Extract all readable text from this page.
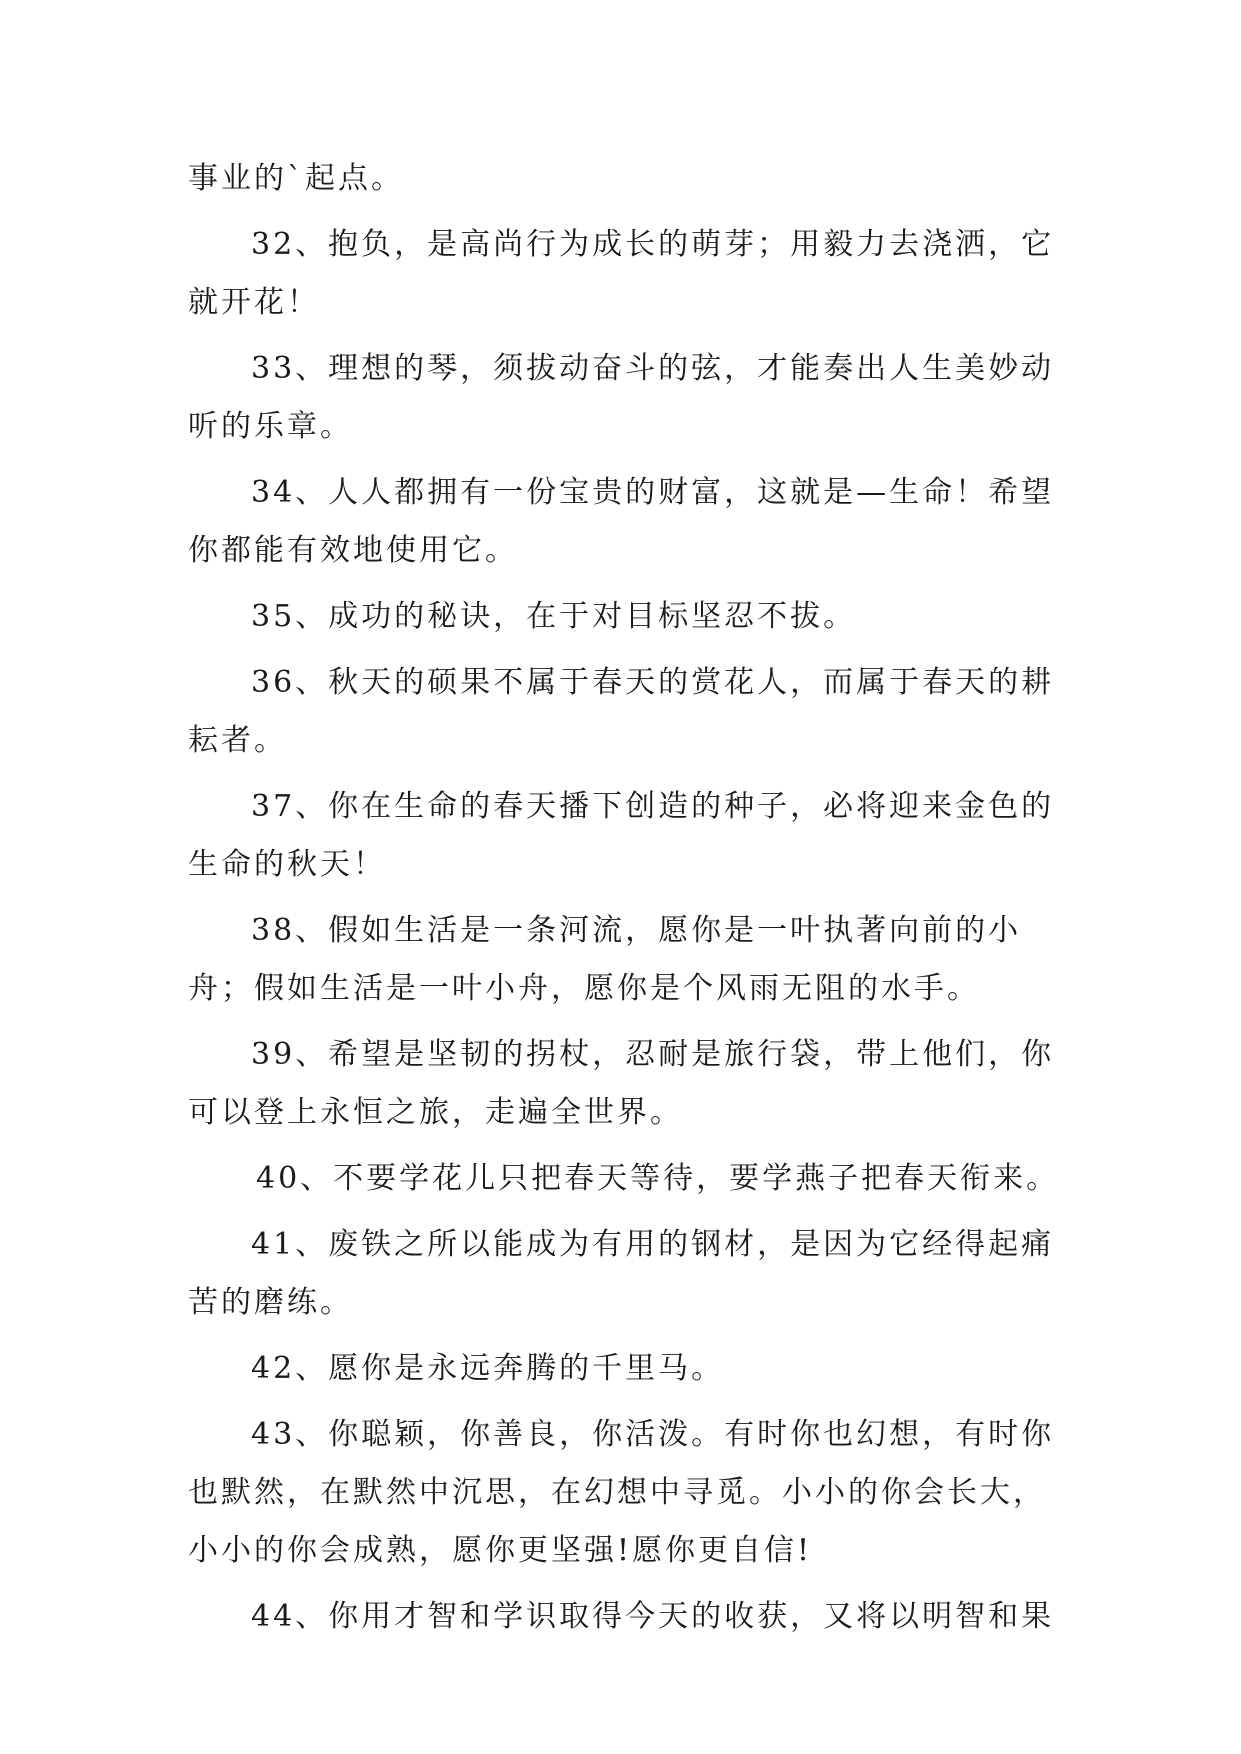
事业的`起点。

32、抱负，是高尚行为成长的萌芽；用毅力去浇洒，它就开花！

33、理想的琴，须拔动奋斗的弦，才能奏出人生美妙动听的乐章。

34、人人都拥有一份宝贵的财富，这就是—生命！希望你都能有效地使用它。

35、成功的秘诀，在于对目标坚忍不拔。

36、秋天的硕果不属于春天的赏花人，而属于春天的耕耘者。

37、你在生命的春天播下创造的种子，必将迎来金色的生命的秋天！

38、假如生活是一条河流，愿你是一叶执著向前的小舟；假如生活是一叶小舟，愿你是个风雨无阻的水手。

39、希望是坚韧的拐杖，忍耐是旅行袋，带上他们，你可以登上永恒之旅，走遍全世界。

40、不要学花儿只把春天等待，要学燕子把春天衔来。

41、废铁之所以能成为有用的钢材，是因为它经得起痛苦的磨练。

42、愿你是永远奔腾的千里马。

43、你聪颖，你善良，你活泼。有时你也幻想，有时你也默然，在默然中沉思，在幻想中寻觅。小小的你会长大，小小的你会成熟，愿你更坚强!愿你更自信!

44、你用才智和学识取得今天的收获，又将以明智和果
